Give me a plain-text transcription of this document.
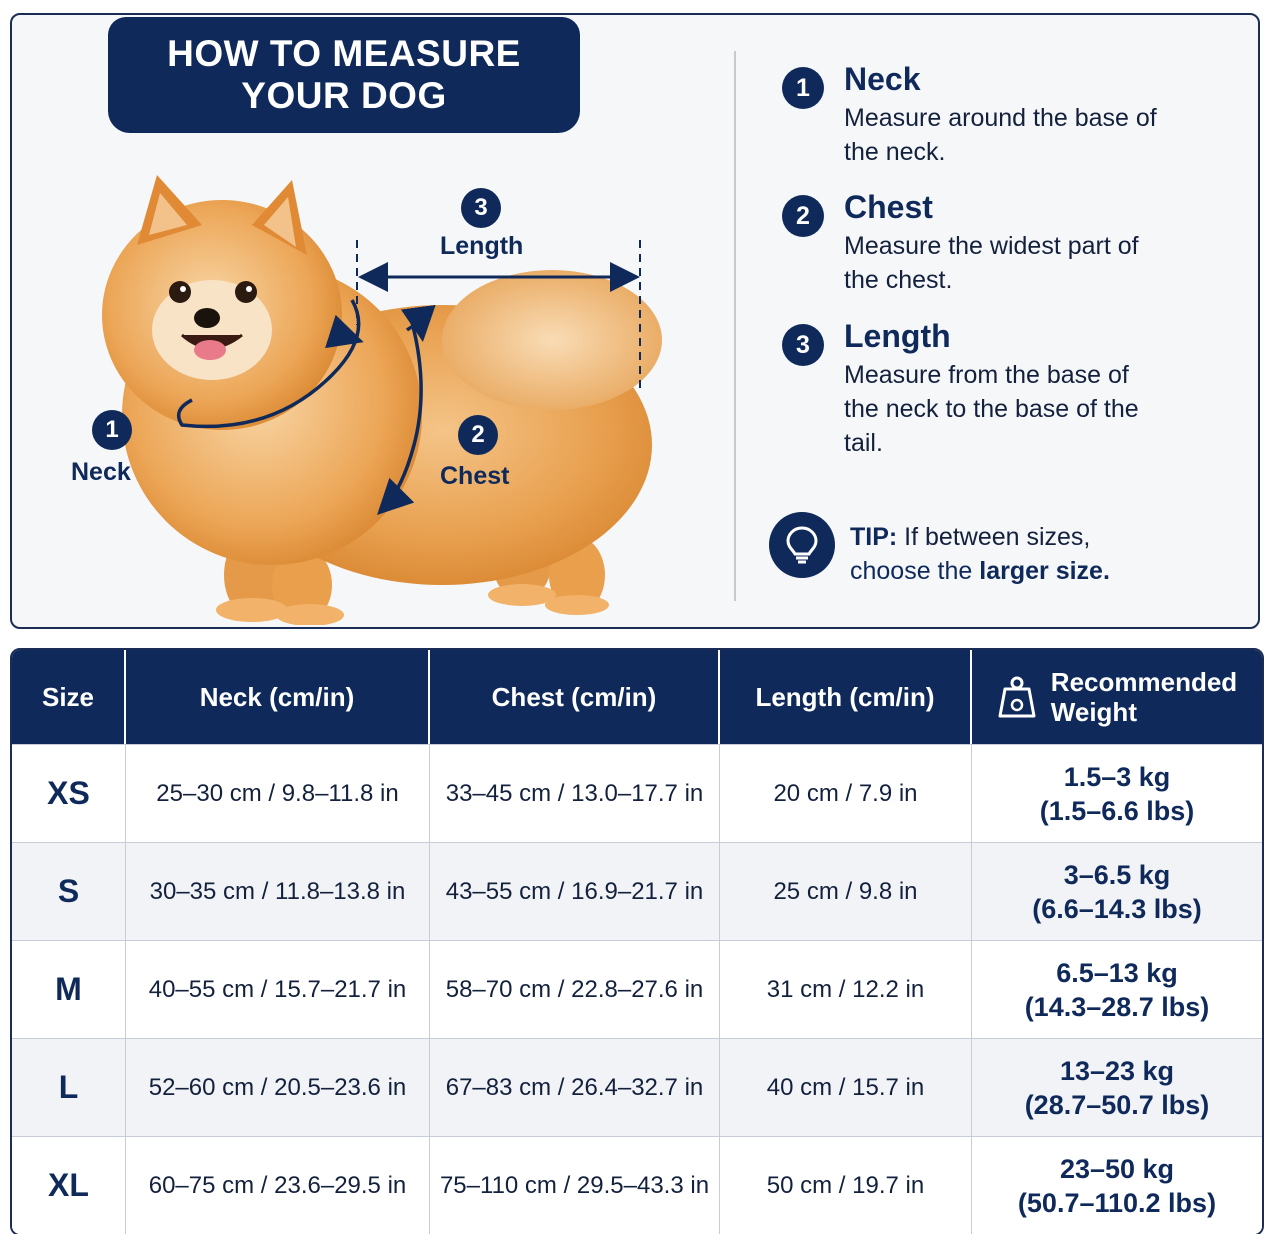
HOW TO MEASURE
YOUR DOG
3
Length
1
Neck
2
Chest
1	Neck
Measure around the base of the neck.
2	Chest
Measure the widest part of the chest.
3	Length
Measure from the base of the neck to the base of the tail.
TIP: If between sizes,
choose the larger size.
Size	Neck (cm/in)	Chest (cm/in)	Length (cm/in)	Recommended
Weight

XS	25–30 cm / 9.8–11.8 in	33–45 cm / 13.0–17.7 in	20 cm / 7.9 in	1.5–3 kg
(1.5–6.6 lbs)
S	30–35 cm / 11.8–13.8 in	43–55 cm / 16.9–21.7 in	25 cm / 9.8 in	3–6.5 kg
(6.6–14.3 lbs)
M	40–55 cm / 15.7–21.7 in	58–70 cm / 22.8–27.6 in	31 cm / 12.2 in	6.5–13 kg
(14.3–28.7 lbs)
L	52–60 cm / 20.5–23.6 in	67–83 cm / 26.4–32.7 in	40 cm / 15.7 in	13–23 kg
(28.7–50.7 lbs)
XL	60–75 cm / 23.6–29.5 in	75–110 cm / 29.5–43.3 in	50 cm / 19.7 in	23–50 kg
(50.7–110.2 lbs)
